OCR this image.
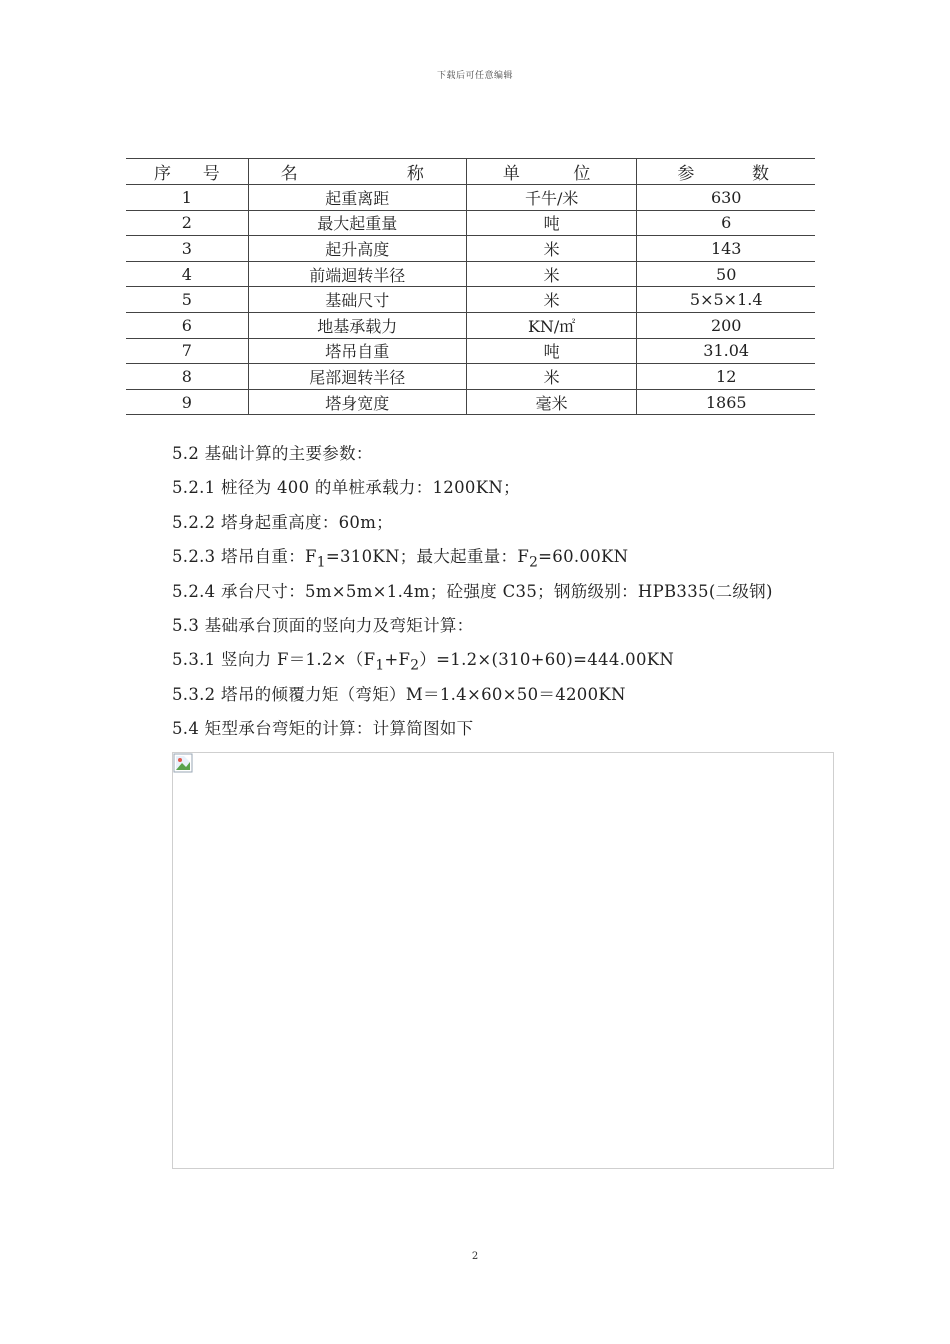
下载后可任意编辑
序 号	名 称	单 位	参 数

1	起重离距	千牛/米	630
2	最大起重量	吨	6
3	起升高度	米	143
4	前端迴转半径	米	50
5	基础尺寸	米	5×5×1.4
6	地基承载力	KN/㎡	200
7	塔吊自重	吨	31.04
8	尾部迴转半径	米	12
9	塔身宽度	毫米	1865
5.2 基础计算的主要参数：
5.2.1 桩径为 400 的单桩承载力：1200KN；
5.2.2 塔身起重高度：60m；
5.2.3 塔吊自重：$F_1=310KN$；最大起重量：$F_2=60.00KN$
5.2.4 承台尺寸：5m×5m×1.4m；砼强度 C35；钢筋级别：HPB335(二级钢)
5.3 基础承台顶面的竖向力及弯矩计算：
5.3.1 竖向力 $F=1.2\times(F_1+F_2)=1.2\times(310+60)=444.00KN$
5.3.2 塔吊的倾覆力矩（弯矩）M＝1.4×60×50＝4200KN
5.4 矩型承台弯矩的计算：计算简图如下
2
